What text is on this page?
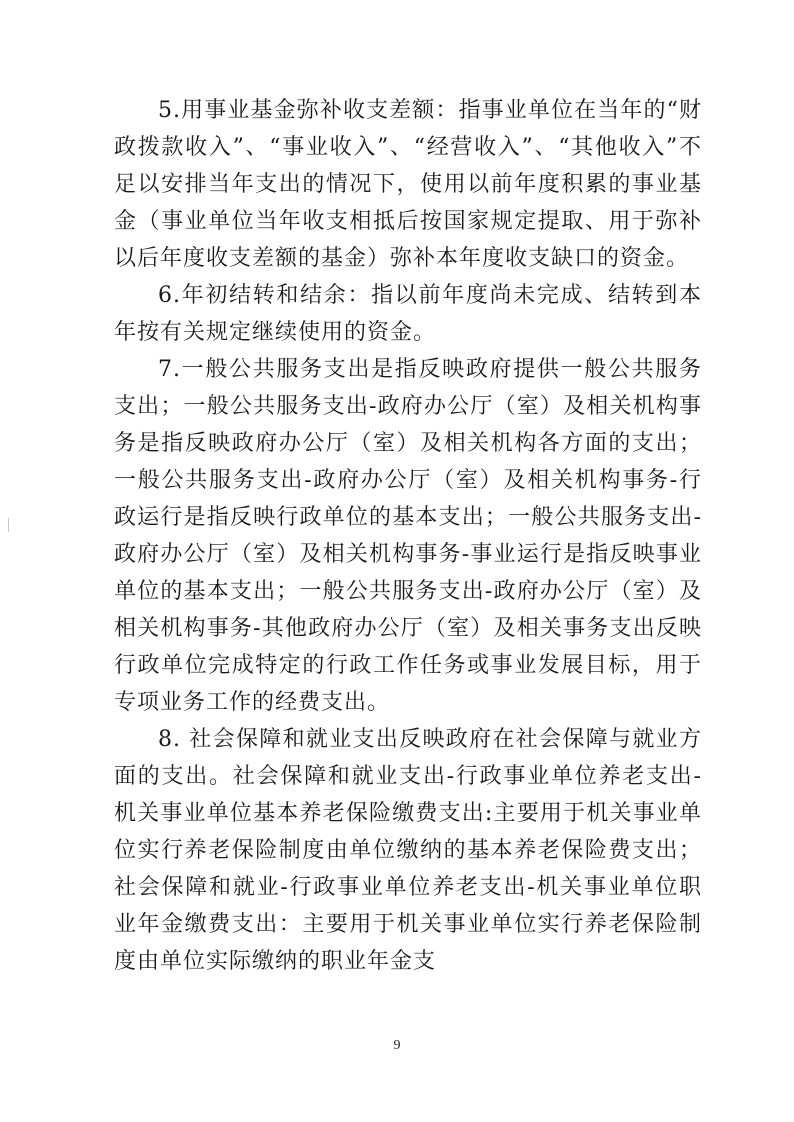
5.用事业基金弥补收支差额：指事业单位在当年的“财政拨款收入”、“事业收入”、“经营收入”、“其他收入”不足以安排当年支出的情况下，使用以前年度积累的事业基金（事业单位当年收支相抵后按国家规定提取、用于弥补以后年度收支差额的基金）弥补本年度收支缺口的资金。

6.年初结转和结余：指以前年度尚未完成、结转到本年按有关规定继续使用的资金。

7.一般公共服务支出是指反映政府提供一般公共服务支出；一般公共服务支出-政府办公厅（室）及相关机构事务是指反映政府办公厅（室）及相关机构各方面的支出；一般公共服务支出-政府办公厅（室）及相关机构事务-行政运行是指反映行政单位的基本支出；一般公共服务支出-政府办公厅（室）及相关机构事务-事业运行是指反映事业单位的基本支出；一般公共服务支出-政府办公厅（室）及相关机构事务-其他政府办公厅（室）及相关事务支出反映行政单位完成特定的行政工作任务或事业发展目标，用于专项业务工作的经费支出。

8. 社会保障和就业支出反映政府在社会保障与就业方面的支出。社会保障和就业支出-行政事业单位养老支出-机关事业单位基本养老保险缴费支出:主要用于机关事业单位实行养老保险制度由单位缴纳的基本养老保险费支出；社会保障和就业-行政事业单位养老支出-机关事业单位职业年金缴费支出：主要用于机关事业单位实行养老保险制度由单位实际缴纳的职业年金支

9
